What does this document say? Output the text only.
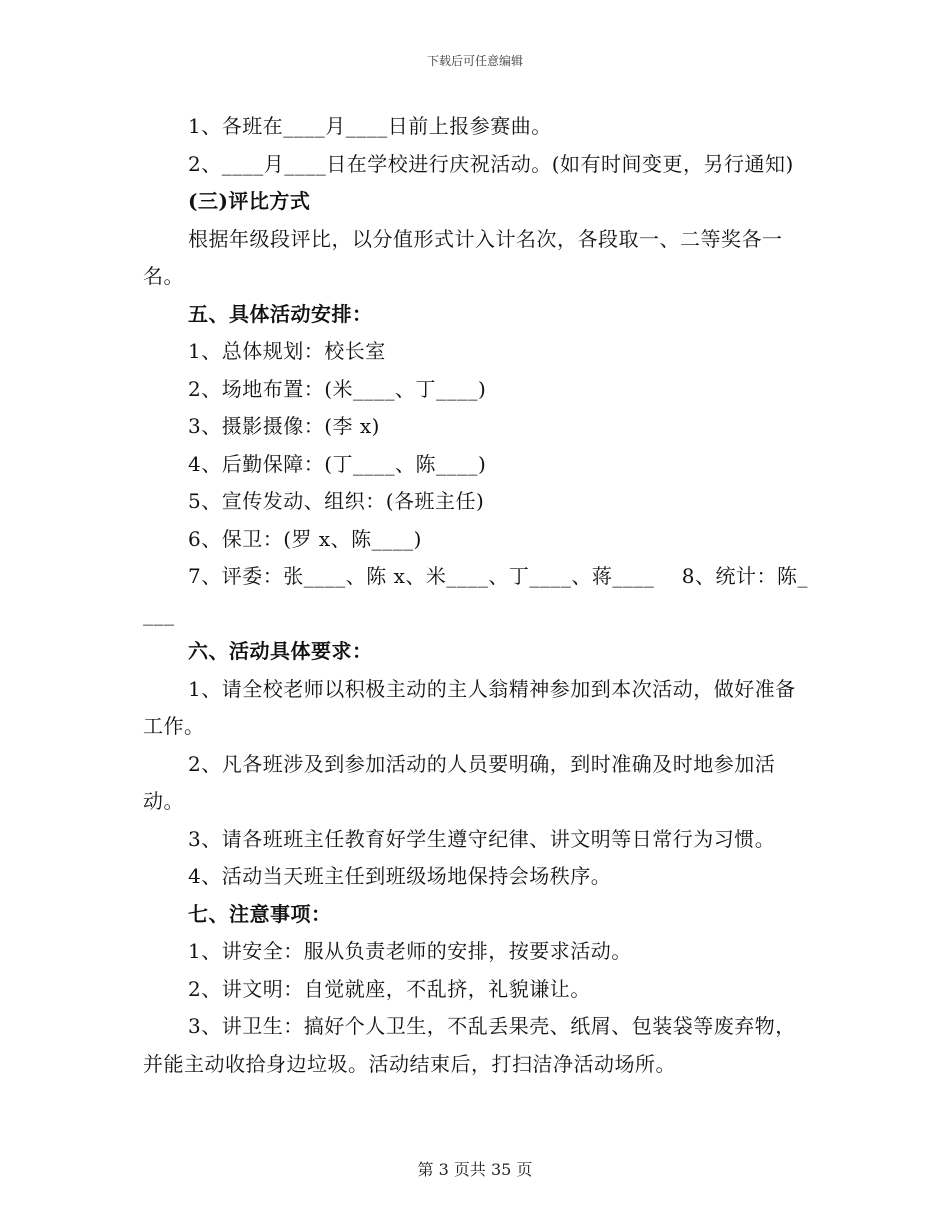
下载后可任意编辑

1、各班在____月____日前上报参赛曲。

2、____月____日在学校进行庆祝活动。(如有时间变更，另行通知)

(三)评比方式

根据年级段评比，以分值形式计入计名次，各段取一、二等奖各一名。

五、具体活动安排：

1、总体规划：校长室

2、场地布置：(米____、丁____)

3、摄影摄像：(李 x)

4、后勤保障：(丁____、陈____)

5、宣传发动、组织：(各班主任)

6、保卫：(罗 x、陈____)

7、评委：张____、陈 x、米____、丁____、蒋____    8、统计：陈____

六、活动具体要求：

1、请全校老师以积极主动的主人翁精神参加到本次活动，做好准备工作。

2、凡各班涉及到参加活动的人员要明确，到时准确及时地参加活动。

3、请各班班主任教育好学生遵守纪律、讲文明等日常行为习惯。

4、活动当天班主任到班级场地保持会场秩序。

七、注意事项：

1、讲安全：服从负责老师的安排，按要求活动。

2、讲文明：自觉就座，不乱挤，礼貌谦让。

3、讲卫生：搞好个人卫生，不乱丢果壳、纸屑、包装袋等废弃物，并能主动收拾身边垃圾。活动结束后，打扫洁净活动场所。

第 3 页共 35 页
